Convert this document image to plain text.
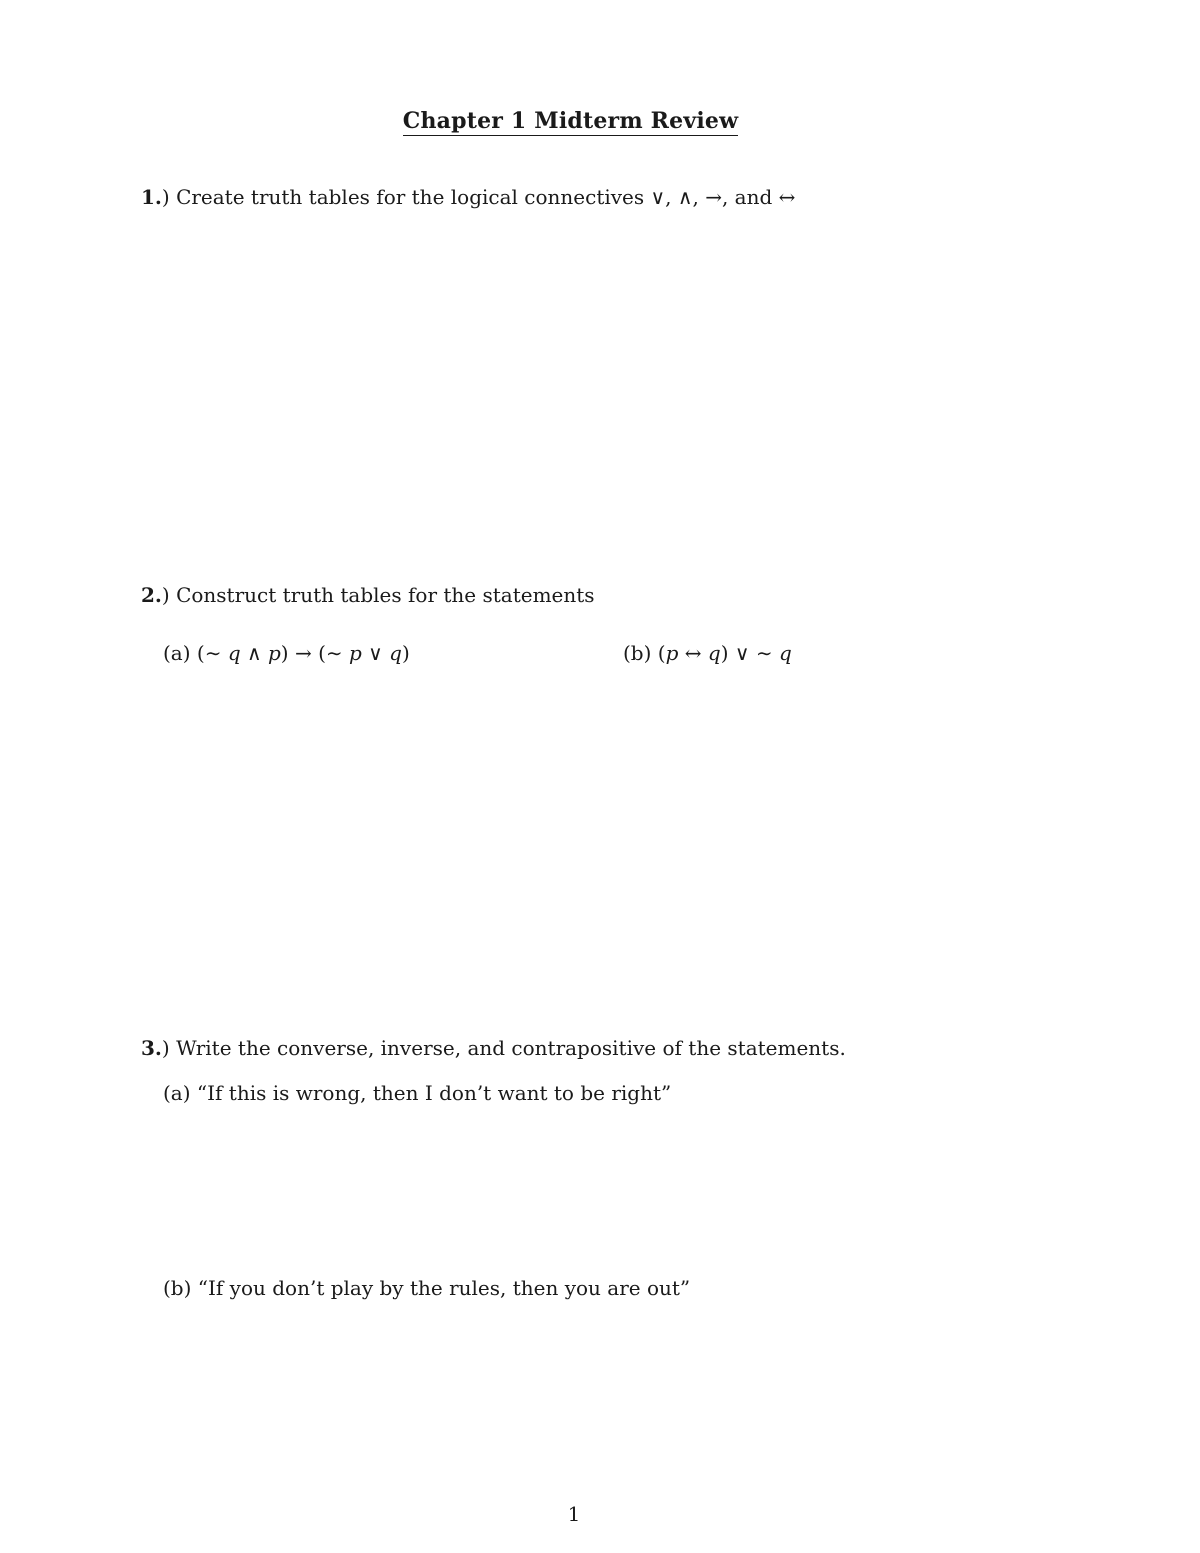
Chapter 1 Midterm Review
1.) Create truth tables for the logical connectives ∨, ∧, →, and ↔
2.) Construct truth tables for the statements
(a) (∼ q ∧ p) → (∼ p ∨ q)	(b) (p ↔ q) ∨ ∼ q
3.) Write the converse, inverse, and contrapositive of the statements.
(a) “If this is wrong, then I don’t want to be right”
(b) “If you don’t play by the rules, then you are out”
1
